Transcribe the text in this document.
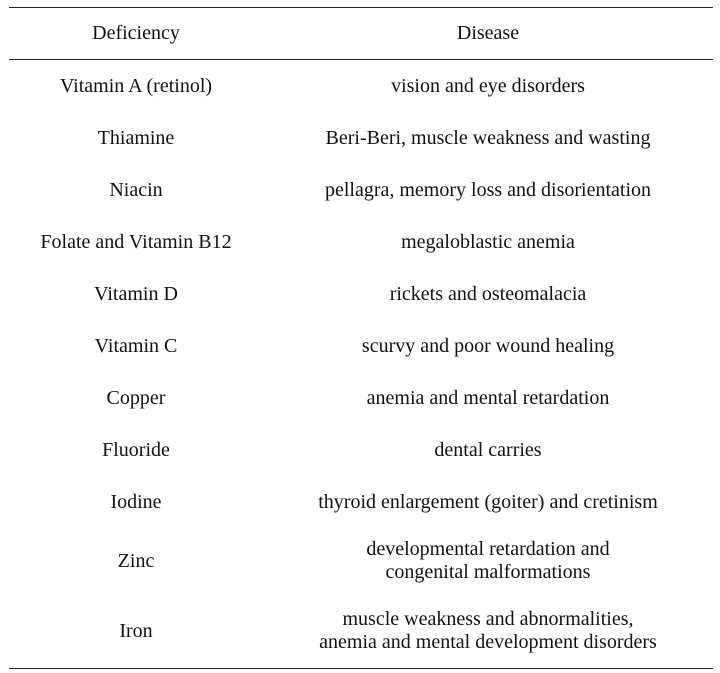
Deficiency	Disease
Vitamin A (retinol)	vision and eye disorders

Thiamine	Beri-Beri, muscle weakness and wasting

Niacin	pellagra, memory loss and disorientation

Folate and Vitamin B12	megaloblastic anemia

Vitamin D	rickets and osteomalacia

Vitamin C	scurvy and poor wound healing

Copper	anemia and mental retardation

Fluoride	dental carries

Iodine	thyroid enlargement (goiter) and cretinism

Zinc	developmental retardation and
congenital malformations

Iron	muscle weakness and abnormalities,
anemia and mental development disorders
